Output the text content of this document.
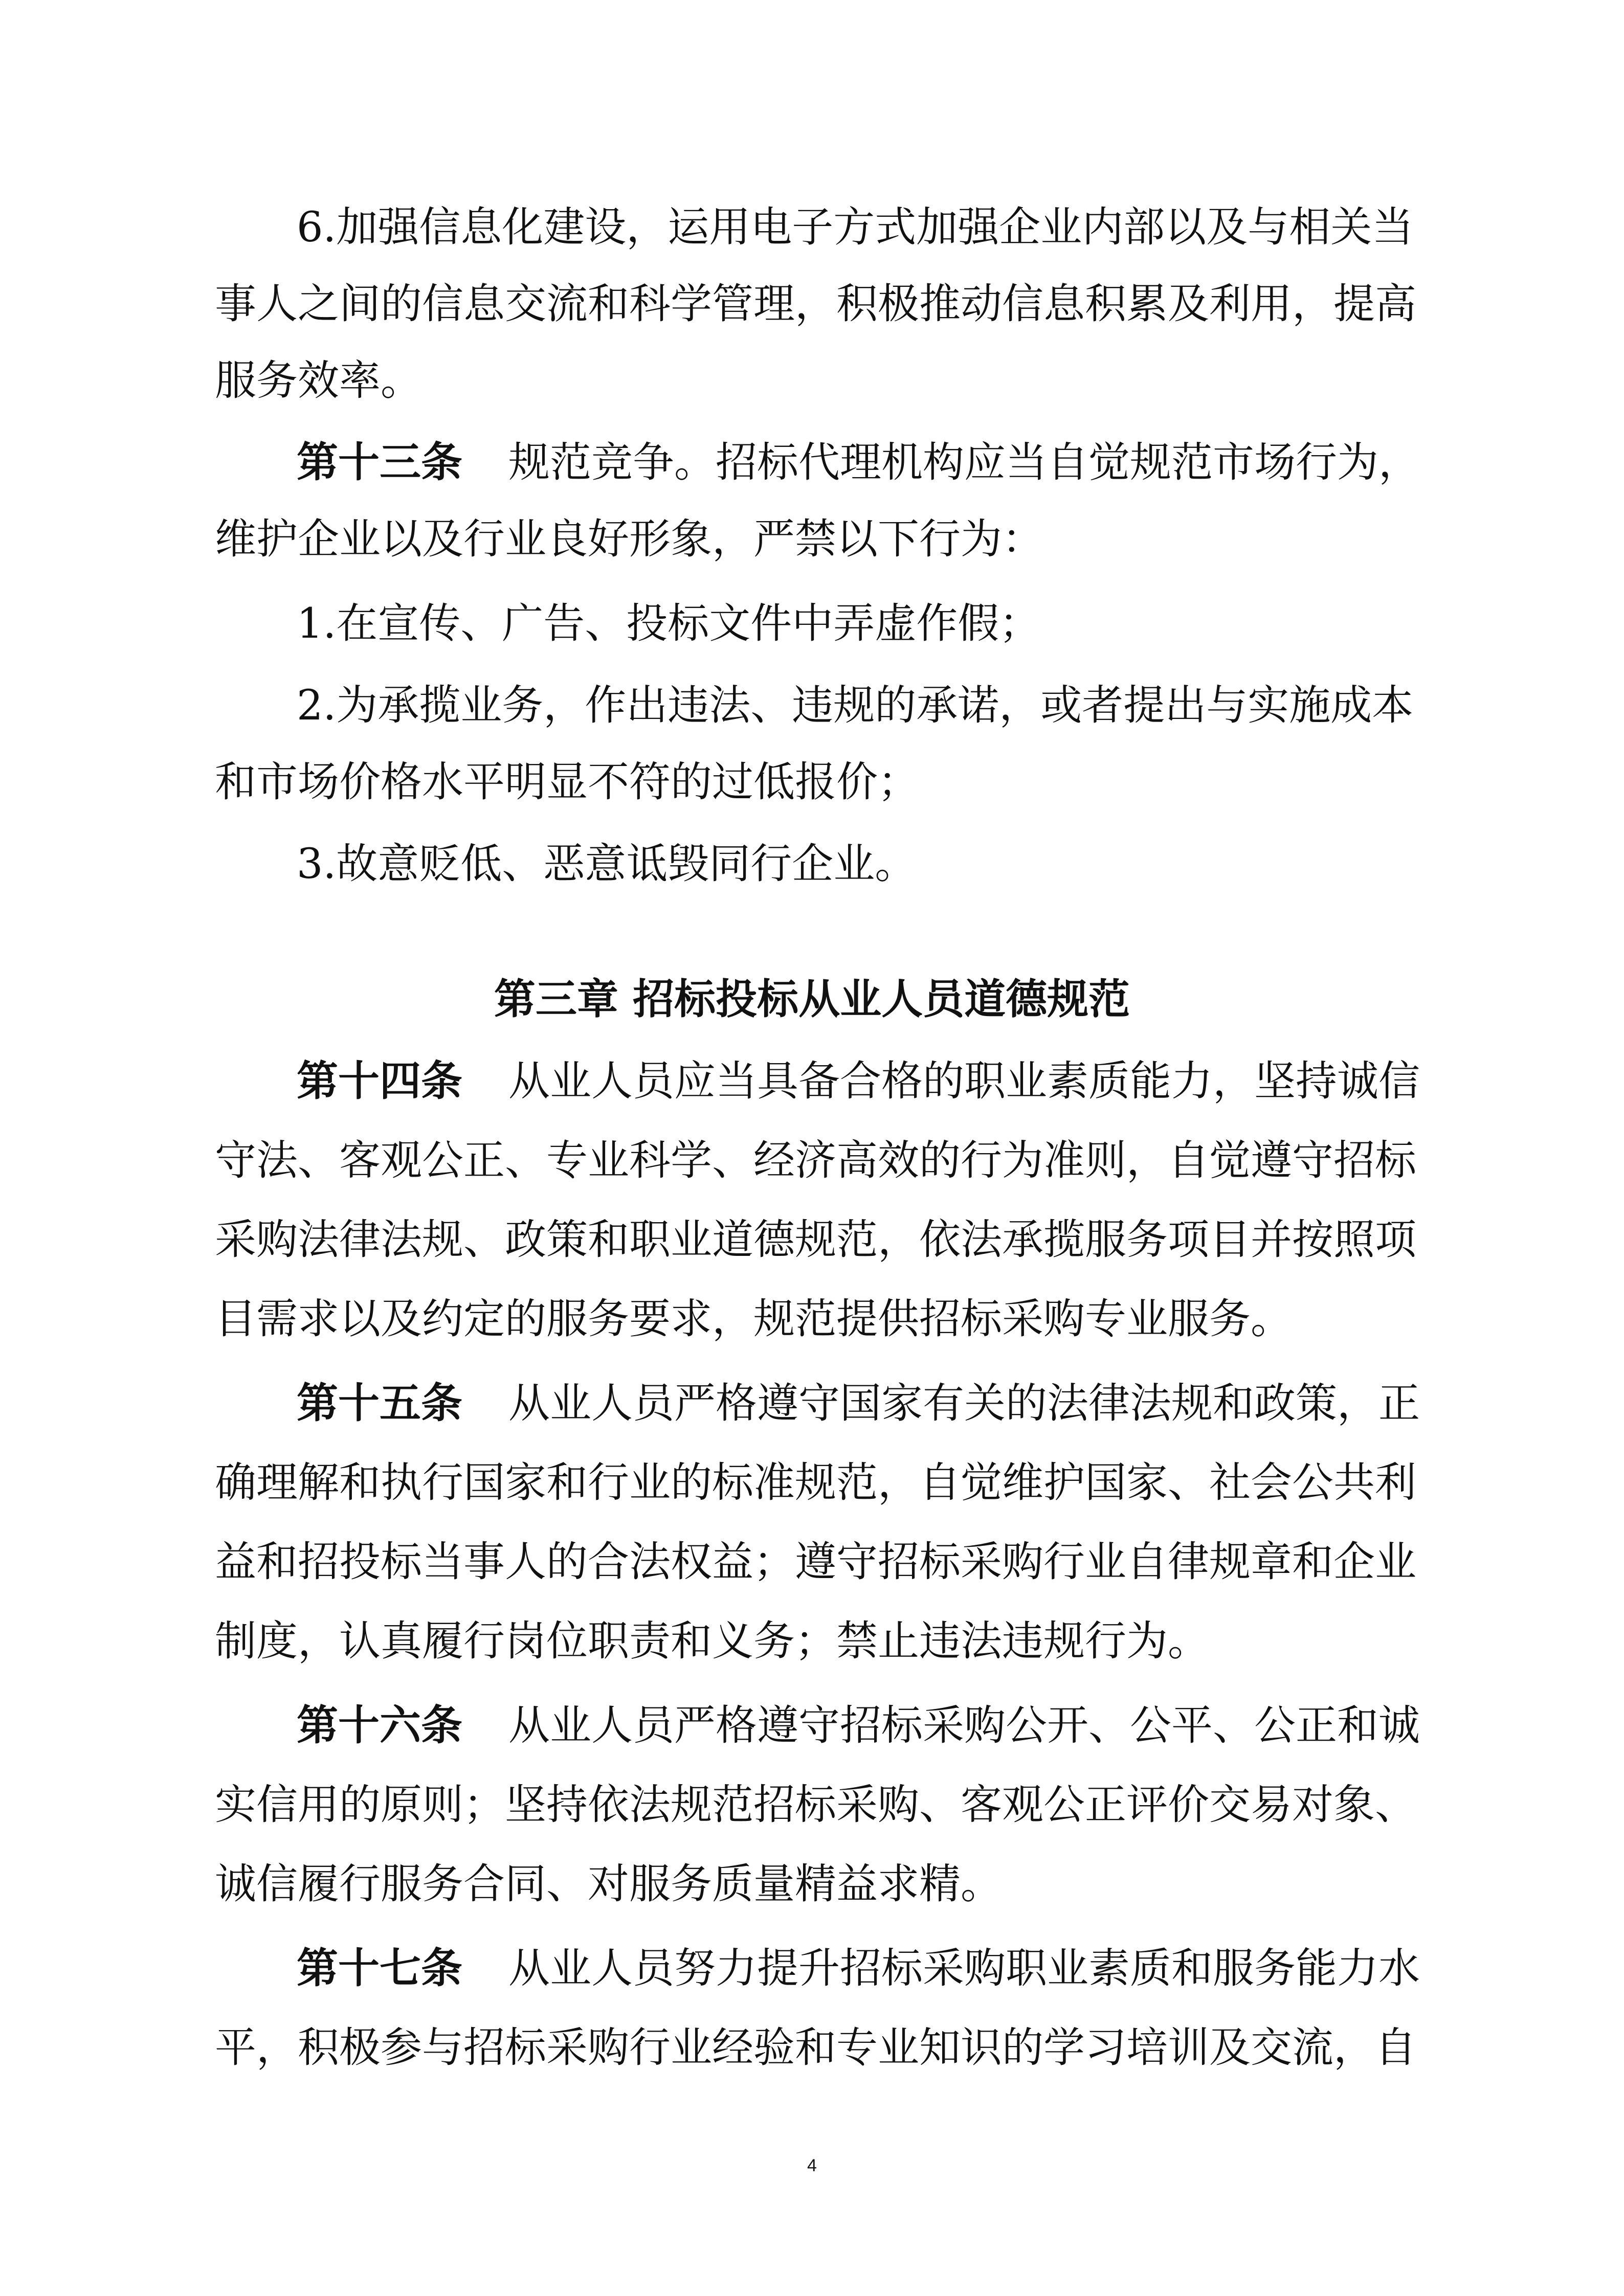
6.加强信息化建设，运用电子方式加强企业内部以及与相关当
事人之间的信息交流和科学管理，积极推动信息积累及利用，提高
服务效率。
第十三条 规范竞争。招标代理机构应当自觉规范市场行为，
维护企业以及行业良好形象，严禁以下行为：
1.在宣传、广告、投标文件中弄虚作假；
2.为承揽业务，作出违法、违规的承诺，或者提出与实施成本
和市场价格水平明显不符的过低报价；
3.故意贬低、恶意诋毁同行企业。
第三章 招标投标从业人员道德规范
第十四条 从业人员应当具备合格的职业素质能力，坚持诚信
守法、客观公正、专业科学、经济高效的行为准则，自觉遵守招标
采购法律法规、政策和职业道德规范，依法承揽服务项目并按照项
目需求以及约定的服务要求，规范提供招标采购专业服务。
第十五条 从业人员严格遵守国家有关的法律法规和政策，正
确理解和执行国家和行业的标准规范，自觉维护国家、社会公共利
益和招投标当事人的合法权益；遵守招标采购行业自律规章和企业
制度，认真履行岗位职责和义务；禁止违法违规行为。
第十六条 从业人员严格遵守招标采购公开、公平、公正和诚
实信用的原则；坚持依法规范招标采购、客观公正评价交易对象、
诚信履行服务合同、对服务质量精益求精。
第十七条 从业人员努力提升招标采购职业素质和服务能力水
平，积极参与招标采购行业经验和专业知识的学习培训及交流，自
4
